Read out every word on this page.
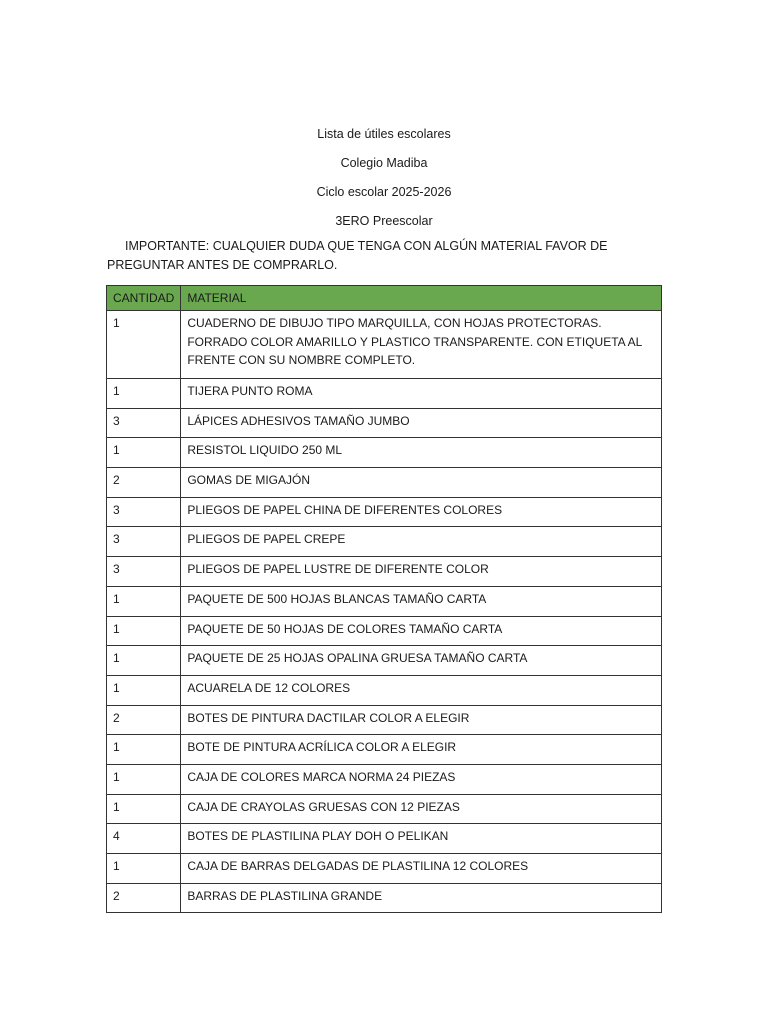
Lista de útiles escolares

Colegio Madiba

Ciclo escolar 2025-2026

3ERO Preescolar

IMPORTANTE: CUALQUIER DUDA QUE TENGA CON ALGÚN MATERIAL FAVOR DE PREGUNTAR ANTES DE COMPRARLO.

CANTIDAD	MATERIAL
1	CUADERNO DE DIBUJO TIPO MARQUILLA, CON HOJAS PROTECTORAS. FORRADO COLOR AMARILLO Y PLASTICO TRANSPARENTE. CON ETIQUETA AL FRENTE CON SU NOMBRE COMPLETO.
1	TIJERA PUNTO ROMA
3	LÁPICES ADHESIVOS TAMAÑO JUMBO
1	RESISTOL LIQUIDO 250 ML
2	GOMAS DE MIGAJÓN
3	PLIEGOS DE PAPEL CHINA DE DIFERENTES COLORES
3	PLIEGOS DE PAPEL CREPE
3	PLIEGOS DE PAPEL LUSTRE DE DIFERENTE COLOR
1	PAQUETE DE 500 HOJAS BLANCAS TAMAÑO CARTA
1	PAQUETE DE 50 HOJAS DE COLORES TAMAÑO CARTA
1	PAQUETE DE 25 HOJAS OPALINA GRUESA TAMAÑO CARTA
1	ACUARELA DE 12 COLORES
2	BOTES DE PINTURA DACTILAR COLOR A ELEGIR
1	BOTE DE PINTURA ACRÍLICA COLOR A ELEGIR
1	CAJA DE COLORES MARCA NORMA 24 PIEZAS
1	CAJA DE CRAYOLAS GRUESAS CON 12 PIEZAS
4	BOTES DE PLASTILINA PLAY DOH O PELIKAN
1	CAJA DE BARRAS DELGADAS DE PLASTILINA 12 COLORES
2	BARRAS DE PLASTILINA GRANDE
